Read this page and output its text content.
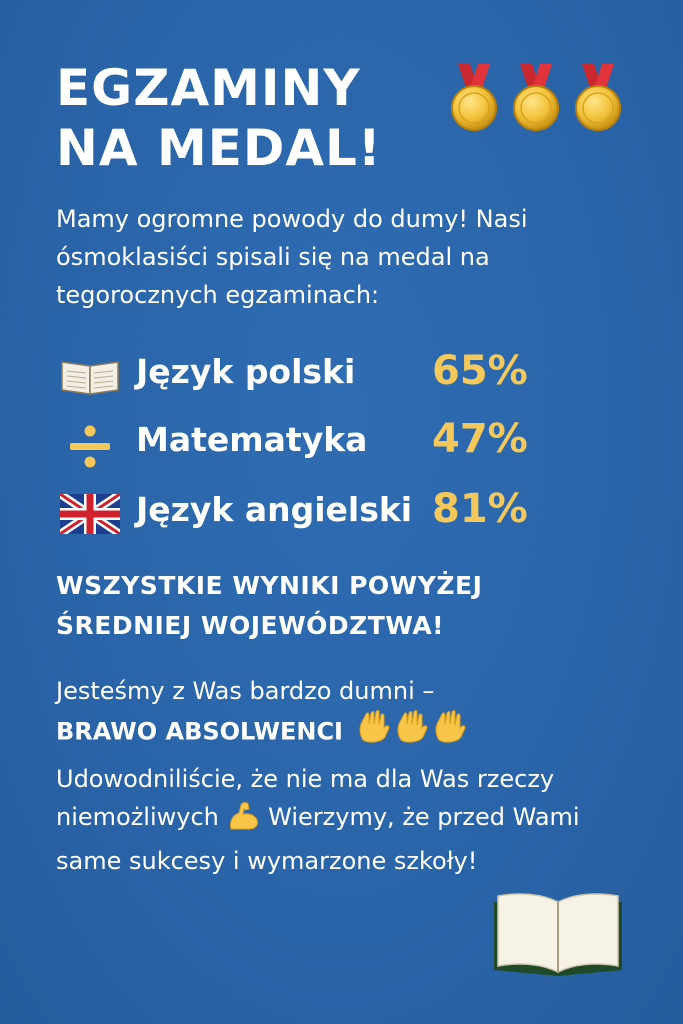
EGZAMINY
NA MEDAL!
Mamy ogromne powody do dumy! Nasi ósmoklasiści spisali się na medal na tegorocznych egzaminach:
Język polski 65%
Matematyka 47%
Język angielski 81%
WSZYSTKIE WYNIKI POWYŻEJ
ŚREDNIEJ WOJEWÓDZTWA!
Jesteśmy z Was bardzo dumni –
BRAWO ABSOLWENCI
Udowodniliście, że nie ma dla Was rzeczy niemożliwych  Wierzymy, że przed Wami same sukcesy i wymarzone szkoły!
